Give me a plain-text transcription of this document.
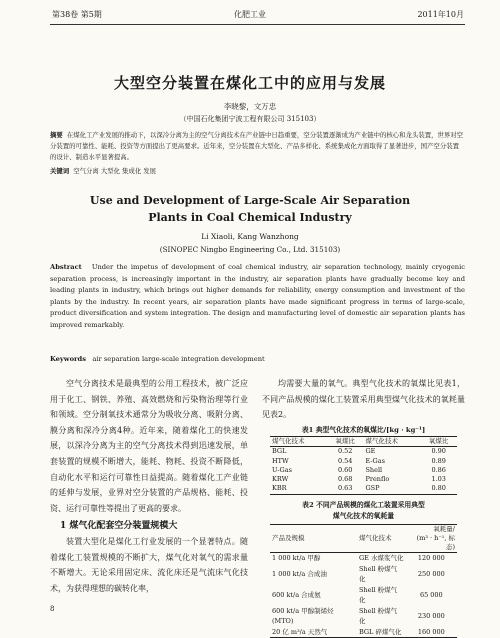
第38卷 第5期	化肥工业	2011年10月
大型空分装置在煤化工中的应用与发展
李晓黎，文万忠
（中国石化集团宁波工程有限公司 315103）
摘要 在煤化工产业发展的推动下，以深冷分离为主的空气分离技术在产业链中日趋重要，空分装置逐渐成为产业链中的核心和龙头装置，世界对空分装置的可靠性、能耗、投资等方面提出了更高要求。近年来，空分装置在大型化、产品多样化、系统集成化方面取得了显著进步，国产空分装置的设计、制造水平显著提高。
关键词 空气分离 大型化 集成化 发展
Use and Development of Large-Scale Air Separation
Plants in Coal Chemical Industry
Li Xiaoli, Kang Wanzhong
(SINOPEC Ningbo Engineering Co., Ltd. 315103)
Abstract Under the impetus of development of coal chemical industry, air separation technology, mainly cryogenic separation process, is increasingly important in the industry, air separation plants have gradually become key and leading plants in industry, which brings out higher demands for reliability, energy consumption and investment of the plants by the industry. In recent years, air separation plants have made significant progress in terms of large-scale, product diversification and system integration. The design and manufacturing level of domestic air separation plants has improved remarkably.
Keywords air separation large-scale integration development

空气分离技术是最典型的公用工程技术，被广泛应用于化工、钢铁、养殖、高效燃烧和污染物治理等行业和领域。空分制氧技术通常分为吸收分离、吸附分离、膜分离和深冷分离4种。近年来，随着煤化工的快速发展，以深冷分离为主的空气分离技术得到迅速发展，单套装置的规模不断增大，能耗、物耗、投资不断降低，自动化水平和运行可靠性日益提高。随着煤化工产业链的延伸与发展，业界对空分装置的产品规格、能耗、投资、运行可靠性等提出了更高的要求。

1 煤气化配套空分装置规模大

装置大型化是煤化工行业发展的一个显著特点。随着煤化工装置规模的不断扩大，煤气化对氧气的需求量不断增大。无论采用固定床、流化床还是气流床气化技术，为获得理想的碳转化率，

8

均需要大量的氧气。典型气化技术的氧煤比见表1，不同产品规模的煤化工装置采用典型煤气化技术的氧耗量见表2。

表1 典型气化技术的氧煤比/[kg · kg⁻¹]
煤气化技术	氧煤比	煤气化技术	氧煤比
BGL	0.52	GE	0.90
HTW	0.54	E-Gas	0.89
U-Gas	0.60	Shell	0.86
KRW	0.68	Prenflo	1.03
KBR	0.63	GSP	0.80
表2 不同产品规模的煤化工装置采用典型
煤气化技术的氧耗量
产品及规模	煤气化技术	氧耗量/
(m³ · h⁻¹, 标态)
1 000 kt/a 甲醇	GE 水煤浆气化	120 000
1 000 kt/a 合成油	Shell 粉煤气化	250 000
600 kt/a 合成氨	Shell 粉煤气化	65 000
600 kt/a 甲醇制烯烃(MTO)	Shell 粉煤气化	230 000
20 亿 m³/a 天然气	BGL 碎煤气化	160 000
